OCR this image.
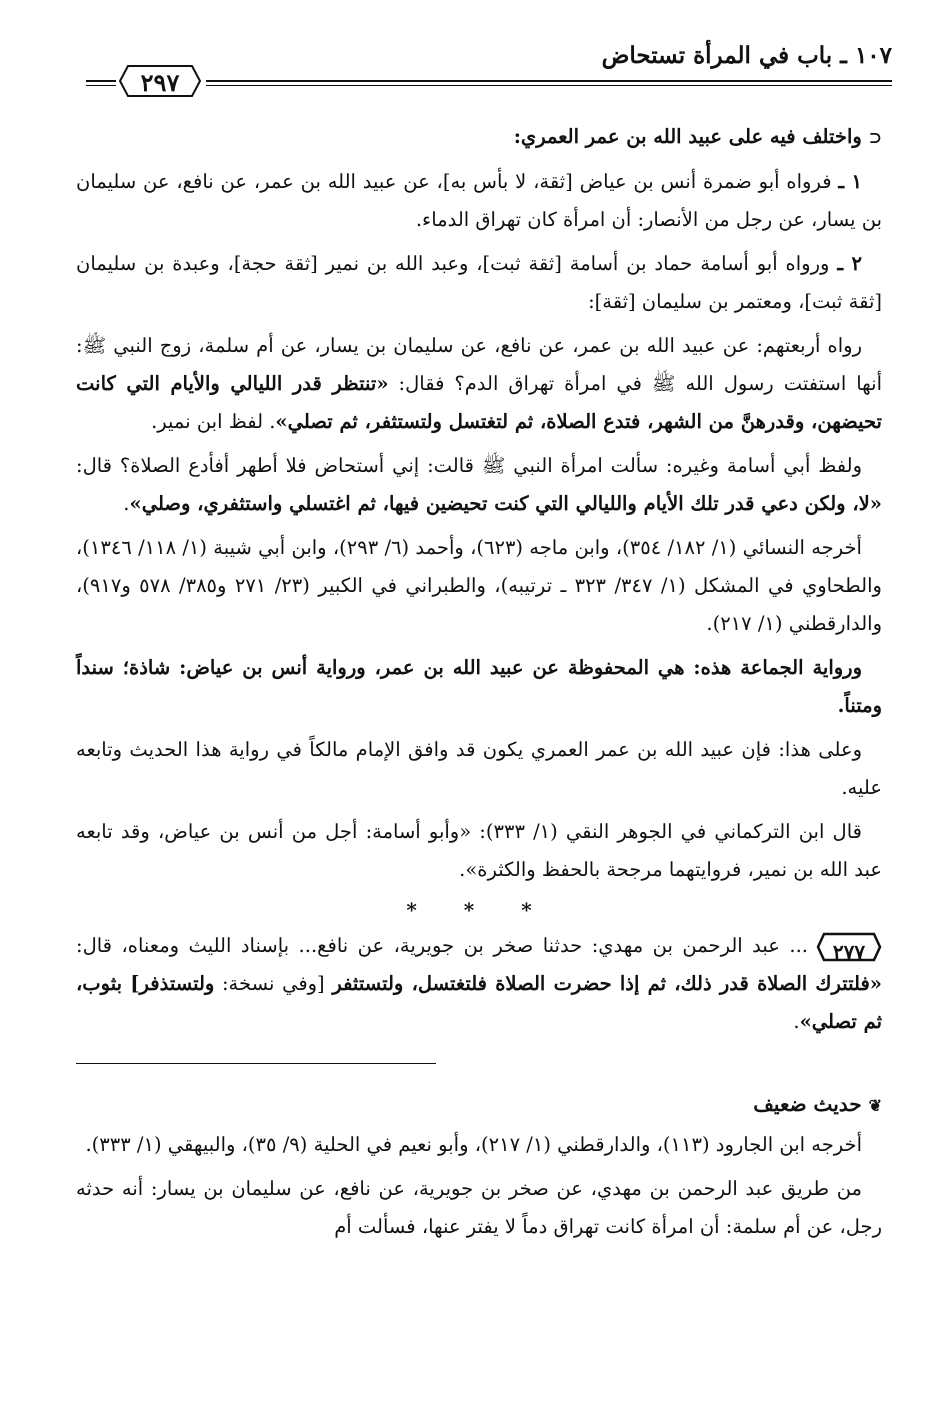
١٠٧ ـ باب في المرأة تستحاض
٢٩٧

⊂ واختلف فيه على عبيد الله بن عمر العمري:

١ ـ فرواه أبو ضمرة أنس بن عياض [ثقة، لا بأس به]، عن عبيد الله بن عمر، عن نافع، عن سليمان بن يسار، عن رجل من الأنصار: أن امرأة كان تهراق الدماء.

٢ ـ ورواه أبو أسامة حماد بن أسامة [ثقة ثبت]، وعبد الله بن نمير [ثقة حجة]، وعبدة بن سليمان [ثقة ثبت]، ومعتمر بن سليمان [ثقة]:

رواه أربعتهم: عن عبيد الله بن عمر، عن نافع، عن سليمان بن يسار، عن أم سلمة، زوج النبي ﷺ: أنها استفتت رسول الله ﷺ في امرأة تهراق الدم؟ فقال: «تنتظر قدر الليالي والأيام التي كانت تحيضهن، وقدرهنَّ من الشهر، فتدع الصلاة، ثم لتغتسل ولتستثفر، ثم تصلي». لفظ ابن نمير.

ولفظ أبي أسامة وغيره: سألت امرأة النبي ﷺ قالت: إني أستحاض فلا أطهر أفأدع الصلاة؟ قال: «لا، ولكن دعي قدر تلك الأيام والليالي التي كنت تحيضين فيها، ثم اغتسلي واستثفري، وصلي».

أخرجه النسائي (١/ ١٨٢/ ٣٥٤)، وابن ماجه (٦٢٣)، وأحمد (٦/ ٢٩٣)، وابن أبي شيبة (١/ ١١٨/ ١٣٤٦)، والطحاوي في المشكل (١/ ٣٤٧/ ٣٢٣ ـ ترتيبه)، والطبراني في الكبير (٢٣/ ٢٧١ و٣٨٥/ ٥٧٨ و٩١٧)، والدارقطني (١/ ٢١٧).

ورواية الجماعة هذه: هي المحفوظة عن عبيد الله بن عمر، ورواية أنس بن عياض: شاذة؛ سنداً ومتناً.

وعلى هذا: فإن عبيد الله بن عمر العمري يكون قد وافق الإمام مالكاً في رواية هذا الحديث وتابعه عليه.

قال ابن التركماني في الجوهر النقي (١/ ٣٣٣): «وأبو أسامة: أجل من أنس بن عياض، وقد تابعه عبد الله بن نمير، فروايتهما مرجحة بالحفظ والكثرة».

* * *

٢٧٧
... عبد الرحمن بن مهدي: حدثنا صخر بن جويرية، عن نافع... بإسناد الليث ومعناه، قال: «فلتترك الصلاة قدر ذلك، ثم إذا حضرت الصلاة فلتغتسل، ولتستثفر [وفي نسخة: ولتستذفر] بثوب، ثم تصلي».

❦ حديث ضعيف

أخرجه ابن الجارود (١١٣)، والدارقطني (١/ ٢١٧)، وأبو نعيم في الحلية (٩/ ٣٥)، والبيهقي (١/ ٣٣٣).

من طريق عبد الرحمن بن مهدي، عن صخر بن جويرية، عن نافع، عن سليمان بن يسار: أنه حدثه رجل، عن أم سلمة: أن امرأة كانت تهراق دماً لا يفتر عنها، فسألت أم
